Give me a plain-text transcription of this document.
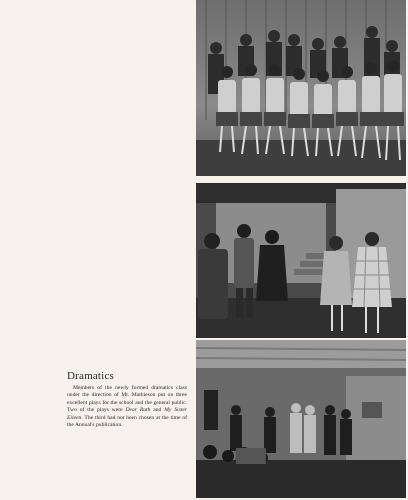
Dramatics

Members of the newly formed dramatics class under the direction of Mr. Mathieson put on three excellent plays for the school and the general public. Two of the plays were Dear Ruth and My Sister Eileen. The third had not been chosen at the time of the Annual's publication.
